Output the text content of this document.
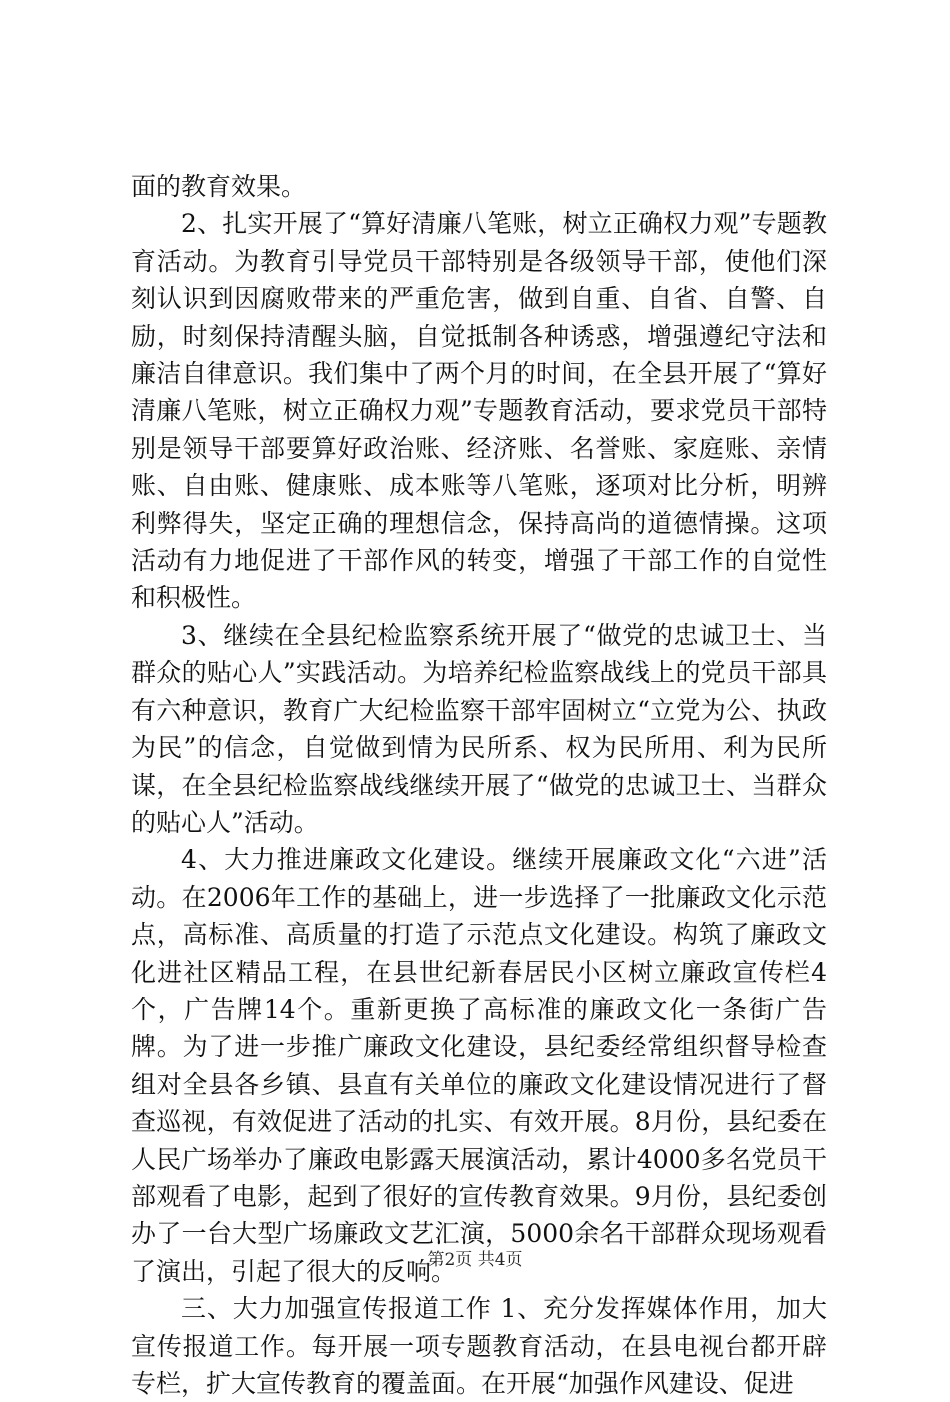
面的教育效果。

2、扎实开展了“算好清廉八笔账，树立正确权力观”专题教育活动。为教育引导党员干部特别是各级领导干部，使他们深刻认识到因腐败带来的严重危害，做到自重、自省、自警、自励，时刻保持清醒头脑，自觉抵制各种诱惑，增强遵纪守法和廉洁自律意识。我们集中了两个月的时间，在全县开展了“算好清廉八笔账，树立正确权力观”专题教育活动，要求党员干部特别是领导干部要算好政治账、经济账、名誉账、家庭账、亲情账、自由账、健康账、成本账等八笔账，逐项对比分析，明辨利弊得失，坚定正确的理想信念，保持高尚的道德情操。这项活动有力地促进了干部作风的转变，增强了干部工作的自觉性和积极性。

3、继续在全县纪检监察系统开展了“做党的忠诚卫士、当群众的贴心人”实践活动。为培养纪检监察战线上的党员干部具有六种意识，教育广大纪检监察干部牢固树立“立党为公、执政为民”的信念，自觉做到情为民所系、权为民所用、利为民所谋，在全县纪检监察战线继续开展了“做党的忠诚卫士、当群众的贴心人”活动。

4、大力推进廉政文化建设。继续开展廉政文化“六进”活动。在2006年工作的基础上，进一步选择了一批廉政文化示范点，高标准、高质量的打造了示范点文化建设。构筑了廉政文化进社区精品工程，在县世纪新春居民小区树立廉政宣传栏4个，广告牌14个。重新更换了高标准的廉政文化一条街广告牌。为了进一步推广廉政文化建设，县纪委经常组织督导检查组对全县各乡镇、县直有关单位的廉政文化建设情况进行了督查巡视，有效促进了活动的扎实、有效开展。8月份，县纪委在人民广场举办了廉政电影露天展演活动，累计4000多名党员干部观看了电影，起到了很好的宣传教育效果。9月份，县纪委创办了一台大型广场廉政文艺汇演，5000余名干部群众现场观看了演出，引起了很大的反响。

三、大力加强宣传报道工作 1、充分发挥媒体作用，加大宣传报道工作。每开展一项专题教育活动，在县电视台都开辟专栏，扩大宣传教育的覆盖面。在开展“加强作风建设、促进

第2页 共4页
